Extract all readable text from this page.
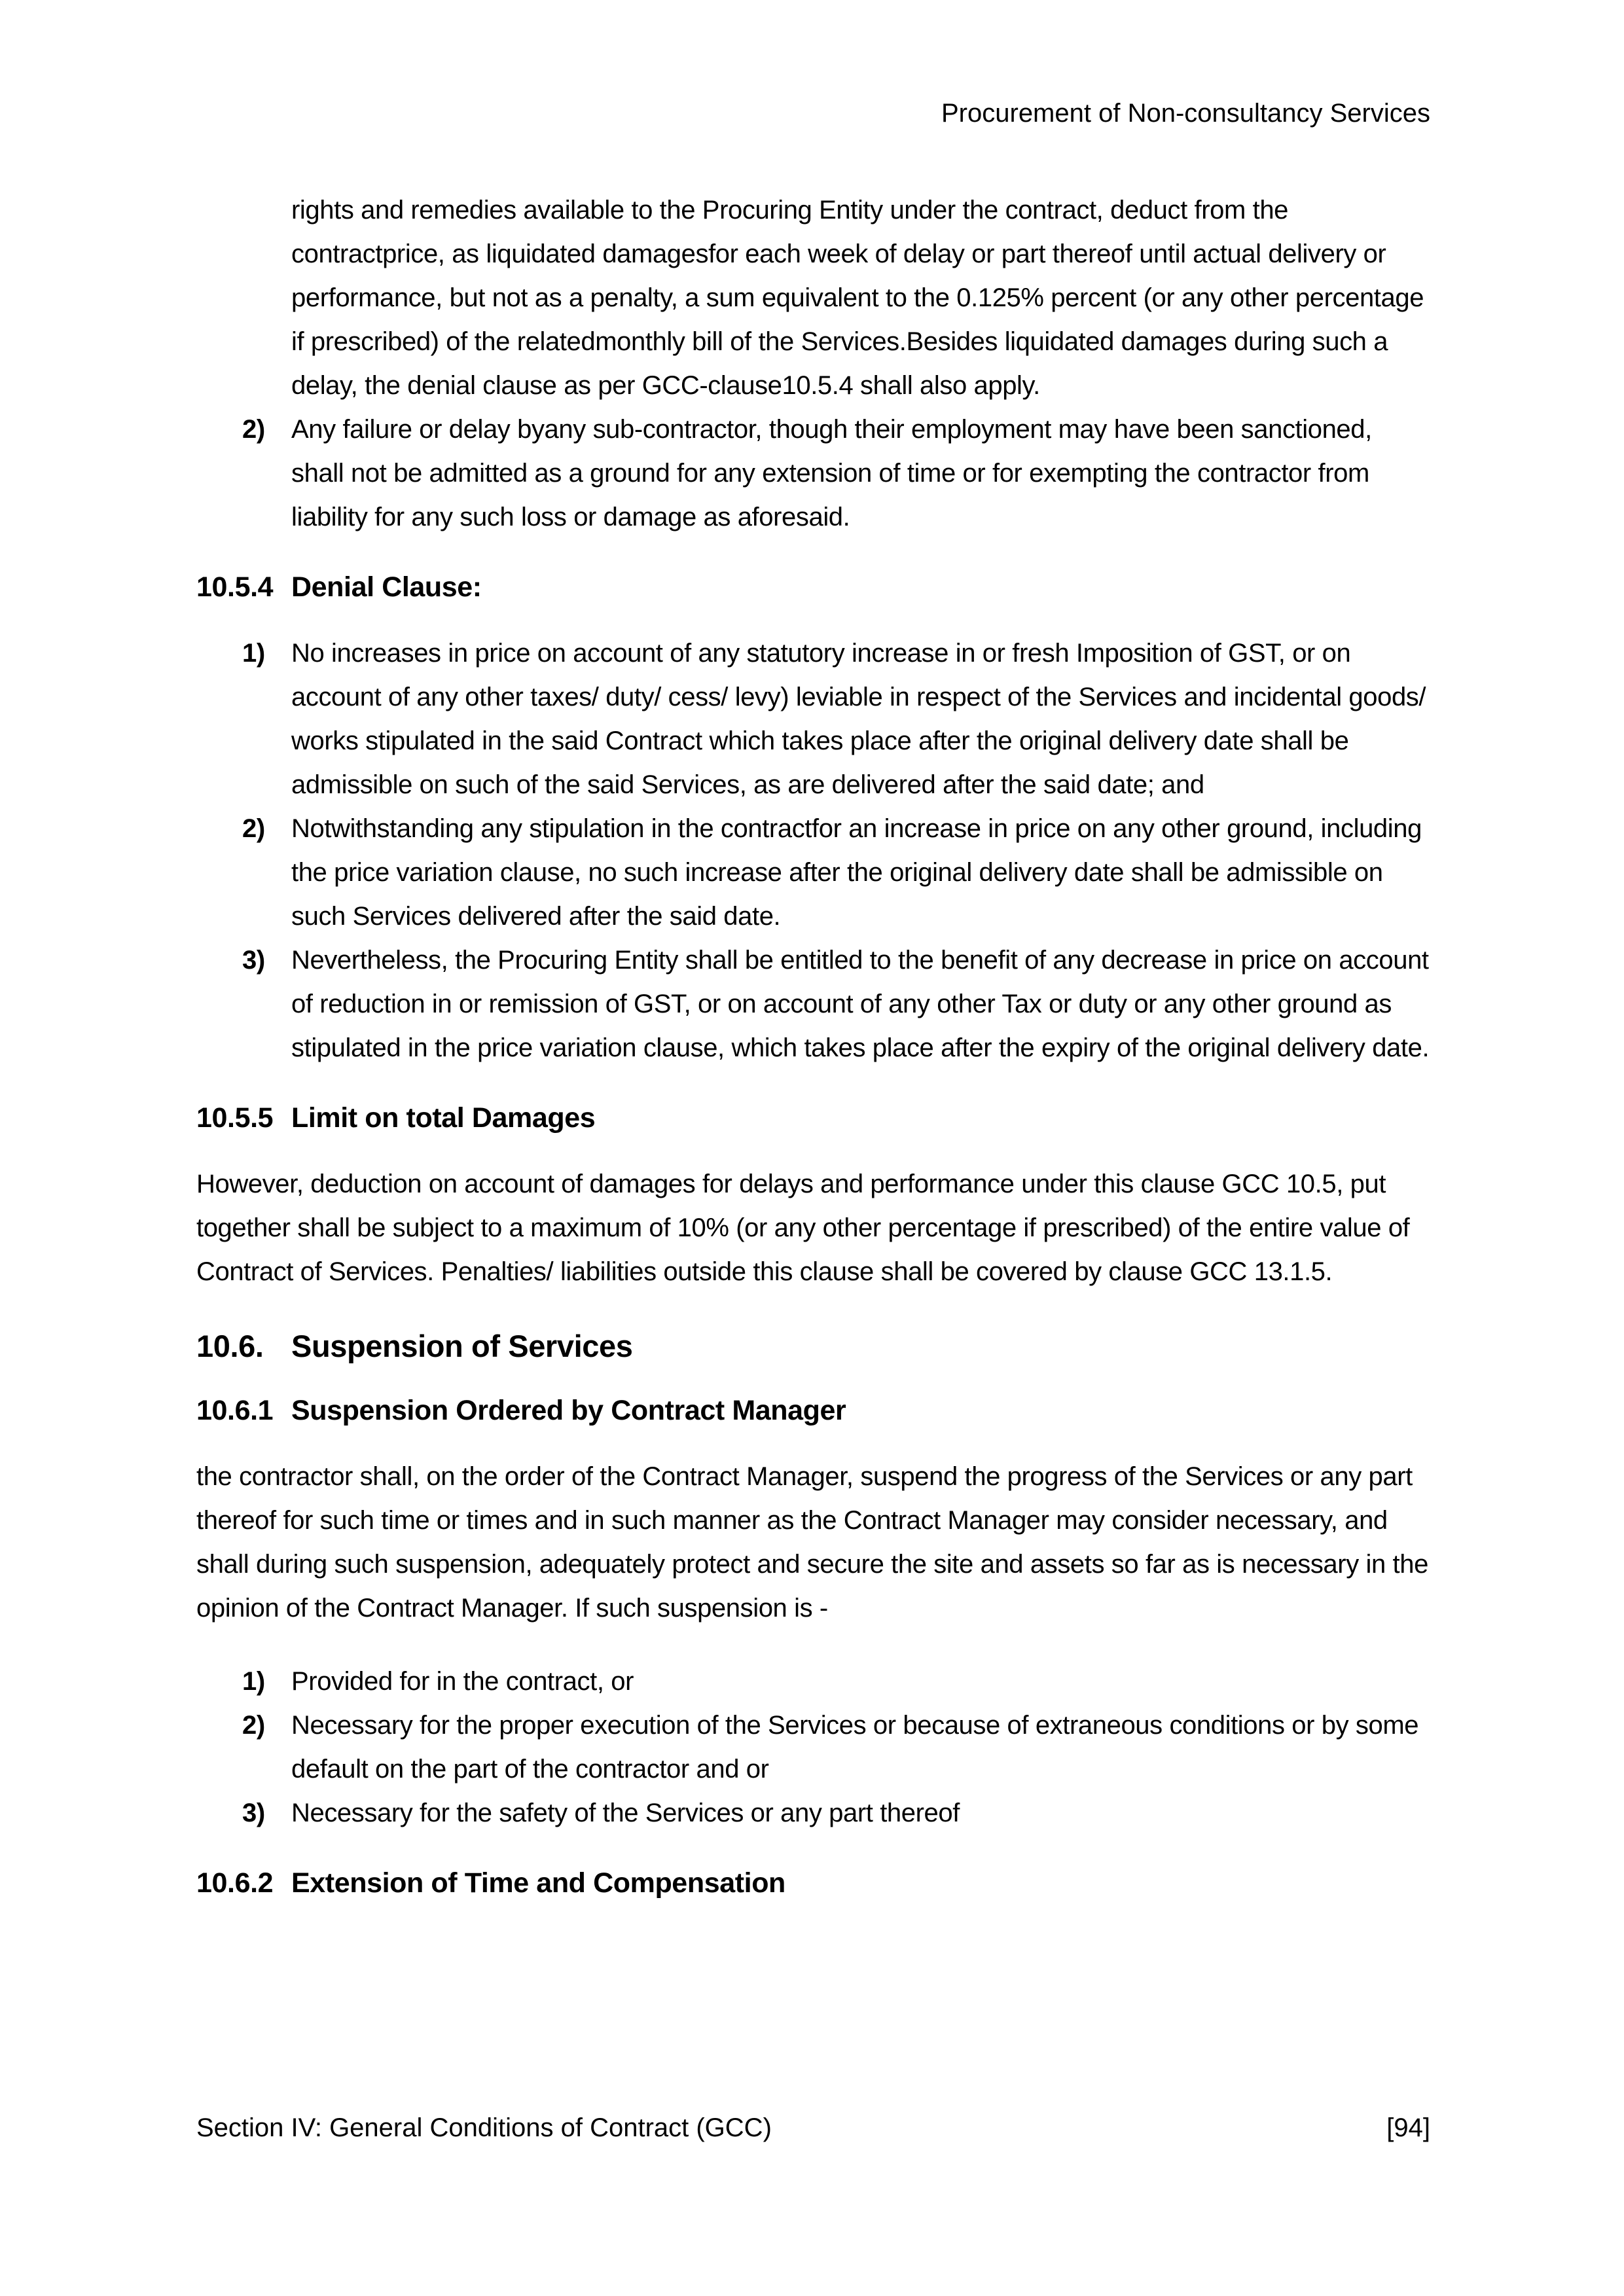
Procurement of Non-consultancy Services

rights and remedies available to the Procuring Entity under the contract, deduct from the contractprice, as liquidated damagesfor each week of delay or part thereof until actual delivery or performance, but not as a penalty, a sum equivalent to the 0.125% percent (or any other percentage if prescribed) of the relatedmonthly bill of the Services.Besides liquidated damages during such a delay, the denial clause as per GCC-clause10.5.4 shall also apply.

2)	Any failure or delay byany sub-contractor, though their employment may have been sanctioned, shall not be admitted as a ground for any extension of time or for exempting the contractor from liability for any such loss or damage as aforesaid.
10.5.4 Denial Clause:
1)	No increases in price on account of any statutory increase in or fresh Imposition of GST, or on account of any other taxes/ duty/ cess/ levy) leviable in respect of the Services and incidental goods/ works stipulated in the said Contract which takes place after the original delivery date shall be admissible on such of the said Services, as are delivered after the said date; and
2)	Notwithstanding any stipulation in the contractfor an increase in price on any other ground, including the price variation clause, no such increase after the original delivery date shall be admissible on such Services delivered after the said date.
3)	Nevertheless, the Procuring Entity shall be entitled to the benefit of any decrease in price on account of reduction in or remission of GST, or on account of any other Tax or duty or any other ground as stipulated in the price variation clause, which takes place after the expiry of the original delivery date.
10.5.5 Limit on total Damages

However, deduction on account of damages for delays and performance under this clause GCC 10.5, put together shall be subject to a maximum of 10% (or any other percentage if prescribed) of the entire value of Contract of Services. Penalties/ liabilities outside this clause shall be covered by clause GCC 13.1.5.

10.6. Suspension of Services
10.6.1 Suspension Ordered by Contract Manager

the contractor shall, on the order of the Contract Manager, suspend the progress of the Services or any part thereof for such time or times and in such manner as the Contract Manager may consider necessary, and shall during such suspension, adequately protect and secure the site and assets so far as is necessary in the opinion of the Contract Manager. If such suspension is -

1)	Provided for in the contract, or
2)	Necessary for the proper execution of the Services or because of extraneous conditions or by some default on the part of the contractor and or
3)	Necessary for the safety of the Services or any part thereof
10.6.2 Extension of Time and Compensation
Section IV: General Conditions of Contract (GCC)	[94]
